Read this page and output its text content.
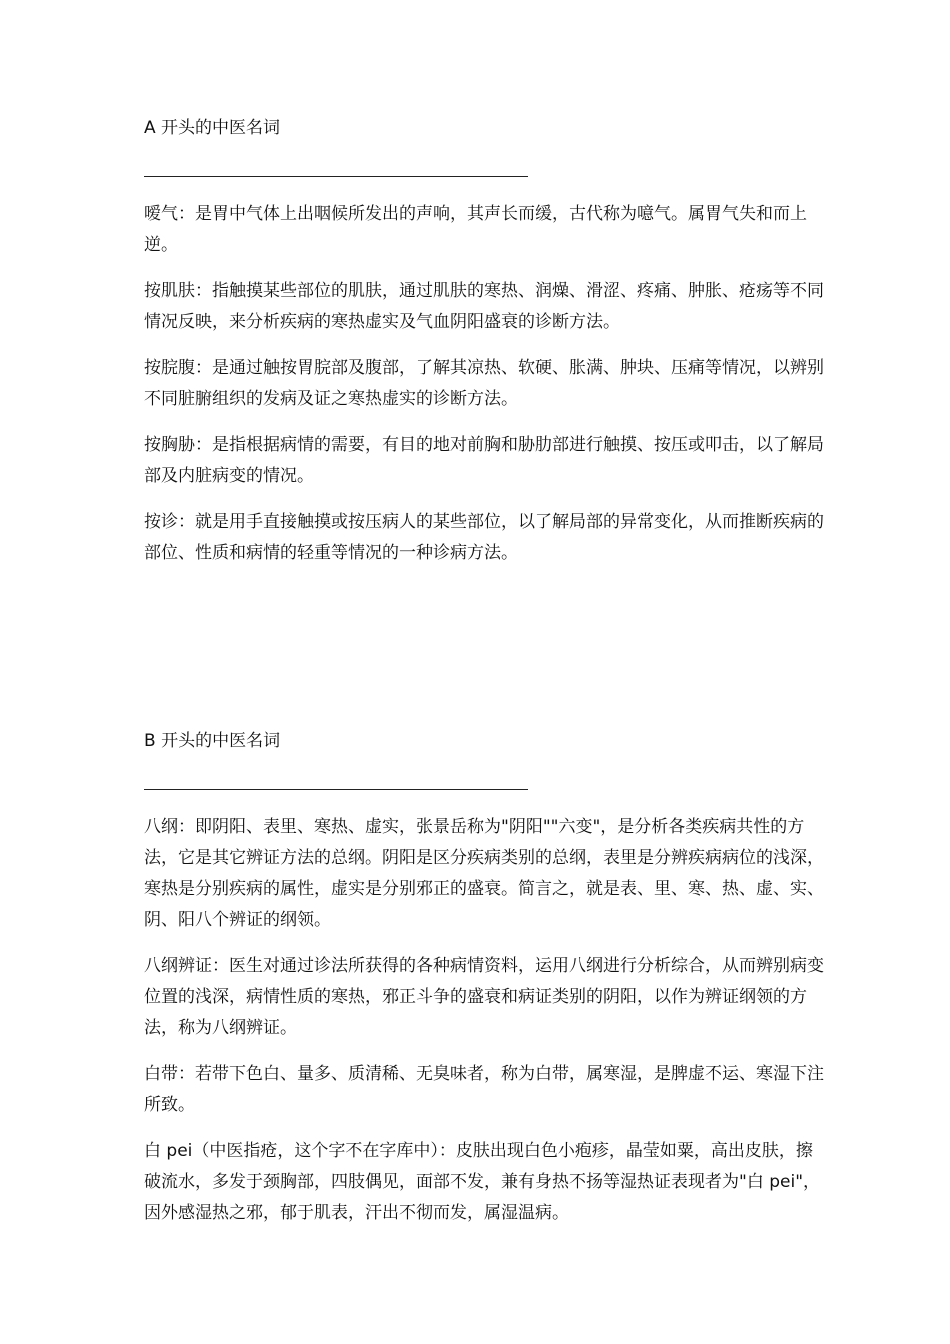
A 开头的中医名词

嗳气：是胃中气体上出咽候所发出的声响，其声长而缓，古代称为噫气。属胃气失和而上逆。

按肌肤：指触摸某些部位的肌肤，通过肌肤的寒热、润燥、滑涩、疼痛、肿胀、疮疡等不同情况反映，来分析疾病的寒热虚实及气血阴阳盛衰的诊断方法。

按脘腹：是通过触按胃脘部及腹部，了解其凉热、软硬、胀满、肿块、压痛等情况，以辨别不同脏腑组织的发病及证之寒热虚实的诊断方法。

按胸胁：是指根据病情的需要，有目的地对前胸和胁肋部进行触摸、按压或叩击，以了解局部及内脏病变的情况。

按诊：就是用手直接触摸或按压病人的某些部位，以了解局部的异常变化，从而推断疾病的部位、性质和病情的轻重等情况的一种诊病方法。

B 开头的中医名词

八纲：即阴阳、表里、寒热、虚实，张景岳称为"阴阳""六变"，是分析各类疾病共性的方法，它是其它辨证方法的总纲。阴阳是区分疾病类别的总纲，表里是分辨疾病病位的浅深，寒热是分别疾病的属性，虚实是分别邪正的盛衰。简言之，就是表、里、寒、热、虚、实、阴、阳八个辨证的纲领。

八纲辨证：医生对通过诊法所获得的各种病情资料，运用八纲进行分析综合，从而辨别病变位置的浅深，病情性质的寒热，邪正斗争的盛衰和病证类别的阴阳，以作为辨证纲领的方法，称为八纲辨证。

白带：若带下色白、量多、质清稀、无臭味者，称为白带，属寒湿，是脾虚不运、寒湿下注所致。

白 pei（中医指疮，这个字不在字库中）：皮肤出现白色小疱疹，晶莹如粟，高出皮肤，擦破流水，多发于颈胸部，四肢偶见，面部不发，兼有身热不扬等湿热证表现者为"白 pei"，因外感湿热之邪，郁于肌表，汗出不彻而发，属湿温病。
